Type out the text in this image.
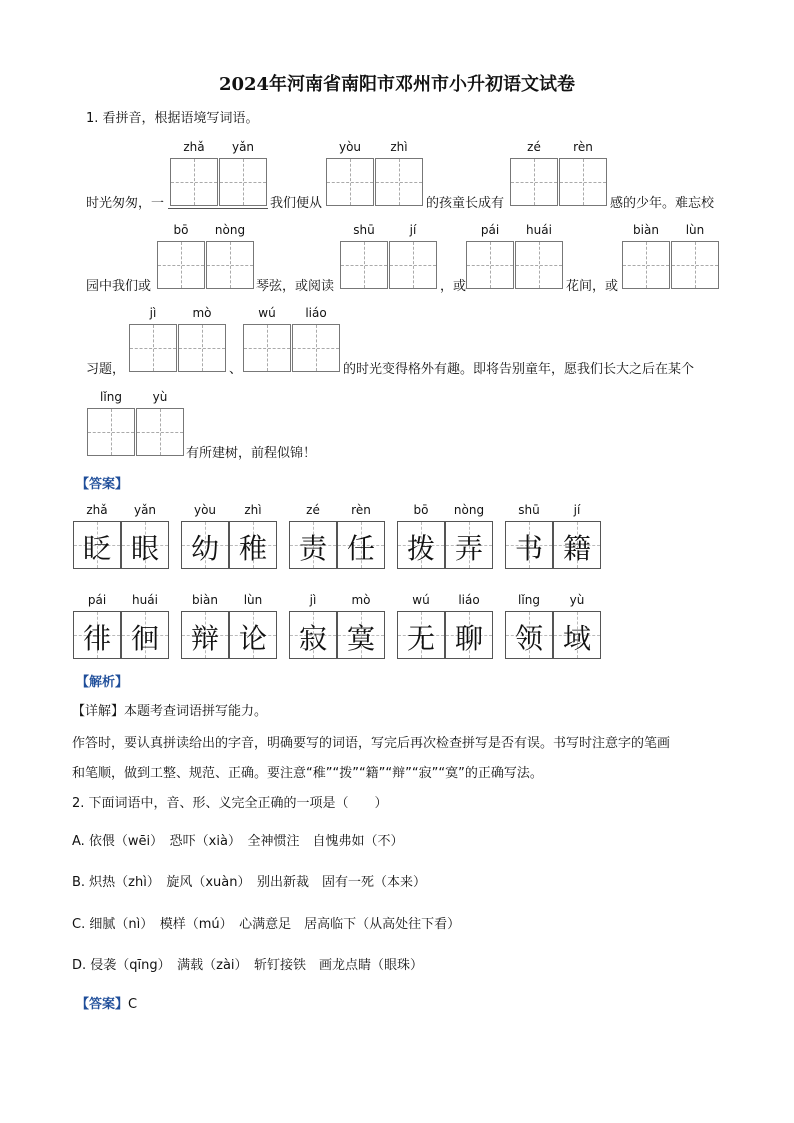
2024年河南省南阳市邓州市小升初语文试卷
1. 看拼音，根据语境写词语。
zhǎ	yǎn	yòu	zhì	zé	rèn
时光匆匆，一	我们便从	的孩童长成有	感的少年。难忘校
bō	nòng	shū	jí	pái	huái	biàn	lùn
园中我们或	琴弦，或阅读	，或	花间，或
jì	mò	wú	liáo
习题，	、	的时光变得格外有趣。即将告别童年，愿我们长大之后在某个
lǐng	yù
有所建树，前程似锦！
【答案】
zhǎ	yǎn	yòu	zhì	zé	rèn	bō	nòng	shū	jí
眨 眼	幼 稚	责 任	拨 弄	书 籍
pái	huái	biàn	lùn	jì	mò	wú	liáo	lǐng	yù
徘 徊	辩 论	寂 寞	无 聊	领 域
【解析】
【详解】本题考查词语拼写能力。
作答时，要认真拼读给出的字音，明确要写的词语，写完后再次检查拼写是否有误。书写时注意字的笔画
和笔顺，做到工整、规范、正确。要注意“稚”“拨”“籍”“辩”“寂”“寞”的正确写法。
2. 下面词语中，音、形、义完全正确的一项是（　　）
A. 依偎（wēi）　恐吓（xià）　全神惯注　自愧弗如（不）
B. 炽热（zhì）　旋风（xuàn）　别出新裁　固有一死（本来）
C. 细腻（nì）　模样（mú）　心满意足　居高临下（从高处往下看）
D. 侵袭（qīng）　满载（zài）　斩钉接铁　画龙点睛（眼珠）
【答案】C
